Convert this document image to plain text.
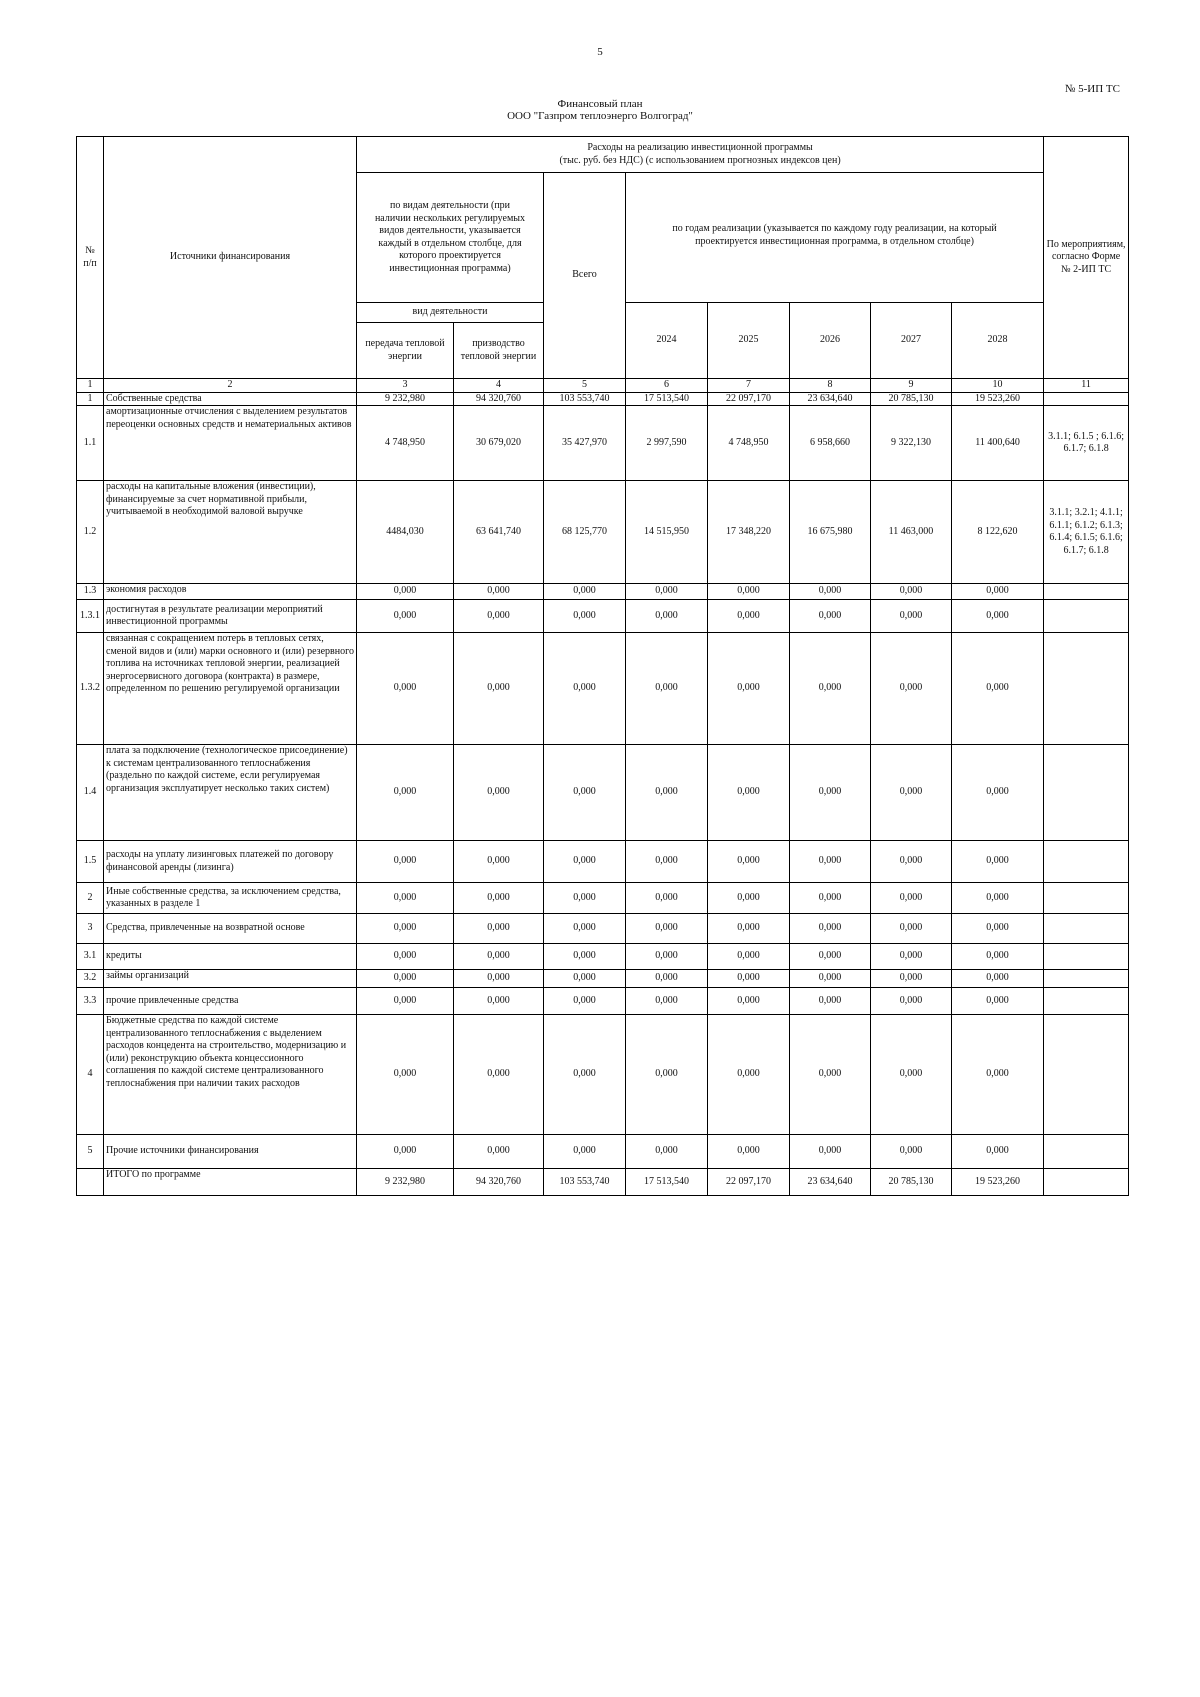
5
№ 5-ИП ТС
Финансовый план
ООО "Газпром теплоэнерго Волгоград"
№
п/п	Источники финансирования	Расходы на реализацию инвестиционной программы
(тыс. руб. без НДС) (с использованием прогнозных индексов цен)								По мероприятиям, согласно Форме № 2-ИП ТС
		по видам деятельности (при наличии нескольких регулируемых видов деятельности, указывается каждый в отдельном столбце, для которого проектируется инвестиционная программа)		Всего	по годам реализации (указывается по каждому году реализации, на который проектируется инвестиционная программа, в отдельном столбце)					
		вид деятельности			2024	2025	2026	2027	2028	
		передача тепловой энергии	призводство тепловой энергии							
1	2	3	4	5	6	7	8	9	10	11
1	Собственные средства	9 232,980	94 320,760	103 553,740	17 513,540	22 097,170	23 634,640	20 785,130	19 523,260	
1.1	амортизационные отчисления с выделением результатов переоценки основных средств и нематериальных активов	4 748,950	30 679,020	35 427,970	2 997,590	4 748,950	6 958,660	9 322,130	11 400,640	3.1.1; 6.1.5 ; 6.1.6; 6.1.7; 6.1.8
1.2	расходы на капитальные вложения (инвестиции), финансируемые за счет нормативной прибыли, учитываемой в необходимой валовой выручке	4484,030	63 641,740	68 125,770	14 515,950	17 348,220	16 675,980	11 463,000	8 122,620	3.1.1; 3.2.1; 4.1.1; 6.1.1; 6.1.2; 6.1.3; 6.1.4; 6.1.5; 6.1.6; 6.1.7; 6.1.8
1.3	экономия расходов	0,000	0,000	0,000	0,000	0,000	0,000	0,000	0,000	
1.3.1	достигнутая в результате реализации мероприятий инвестиционной программы	0,000	0,000	0,000	0,000	0,000	0,000	0,000	0,000	
1.3.2	связанная с сокращением потерь в тепловых сетях, сменой видов и (или) марки основного и (или) резервного топлива на источниках тепловой энергии, реализацией энергосервисного договора (контракта) в размере, определенном по решению регулируемой организации	0,000	0,000	0,000	0,000	0,000	0,000	0,000	0,000	
1.4	плата за подключение (технологическое присоединение) к системам централизованного теплоснабжения (раздельно по каждой системе, если регулируемая организация эксплуатирует несколько таких систем)	0,000	0,000	0,000	0,000	0,000	0,000	0,000	0,000	
1.5	расходы на уплату лизинговых платежей по договору финансовой аренды (лизинга)	0,000	0,000	0,000	0,000	0,000	0,000	0,000	0,000	
2	Иные собственные средства, за исключением средства, указанных в разделе 1	0,000	0,000	0,000	0,000	0,000	0,000	0,000	0,000	
3	Средства, привлеченные на возвратной основе	0,000	0,000	0,000	0,000	0,000	0,000	0,000	0,000	
3.1	кредиты	0,000	0,000	0,000	0,000	0,000	0,000	0,000	0,000	
3.2	займы организаций	0,000	0,000	0,000	0,000	0,000	0,000	0,000	0,000	
3.3	прочие привлеченные средства	0,000	0,000	0,000	0,000	0,000	0,000	0,000	0,000	
4	Бюджетные средства по каждой системе централизованного теплоснабжения с выделением расходов концедента на строительство, модернизацию и (или) реконструкцию объекта концессионного соглашения по каждой системе централизованного теплоснабжения при наличии таких расходов	0,000	0,000	0,000	0,000	0,000	0,000	0,000	0,000	
5	Прочие источники финансирования	0,000	0,000	0,000	0,000	0,000	0,000	0,000	0,000	
	ИТОГО по программе	9 232,980	94 320,760	103 553,740	17 513,540	22 097,170	23 634,640	20 785,130	19 523,260	
